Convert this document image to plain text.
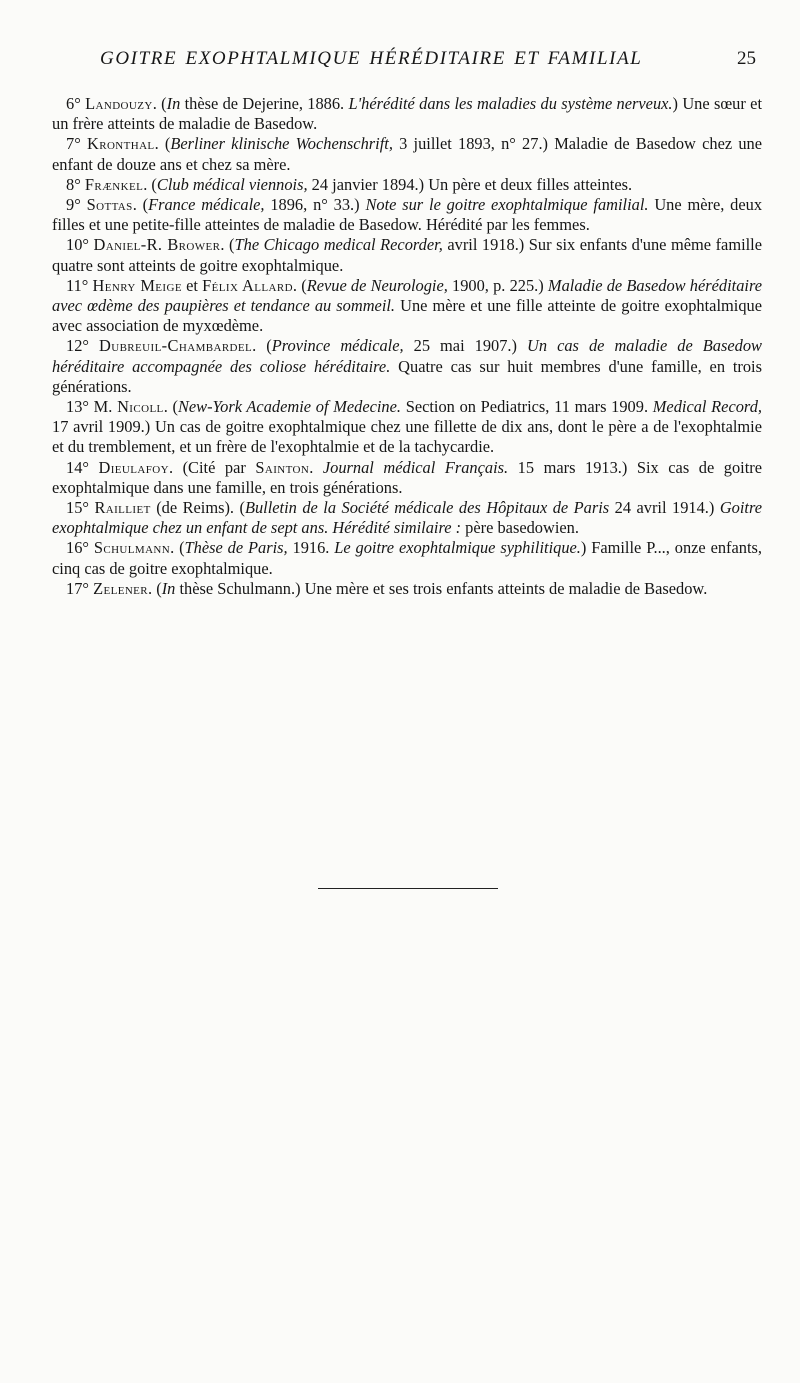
GOITRE EXOPHTALMIQUE HÉRÉDITAIRE ET FAMILIAL	25

6° Landouzy. (In thèse de Dejerine, 1886. L'hérédité dans les maladies du système nerveux.) Une sœur et un frère atteints de maladie de Basedow.

7° Kronthal. (Berliner klinische Wochenschrift, 3 juillet 1893, n° 27.) Maladie de Basedow chez une enfant de douze ans et chez sa mère.

8° Frænkel. (Club médical viennois, 24 janvier 1894.) Un père et deux filles atteintes.

9° Sottas. (France médicale, 1896, n° 33.) Note sur le goitre exophtalmique familial. Une mère, deux filles et une petite-fille atteintes de maladie de Basedow. Hérédité par les femmes.

10° Daniel-R. Brower. (The Chicago medical Recorder, avril 1918.) Sur six enfants d'une même famille quatre sont atteints de goitre exophtalmique.

11° Henry Meige et Félix Allard. (Revue de Neurologie, 1900, p. 225.) Maladie de Basedow héréditaire avec œdème des paupières et tendance au sommeil. Une mère et une fille atteinte de goitre exophtalmique avec association de myxœdème.

12° Dubreuil-Chambardel. (Province médicale, 25 mai 1907.) Un cas de maladie de Basedow héréditaire accompagnée des coliose héréditaire. Quatre cas sur huit membres d'une famille, en trois générations.

13° M. Nicoll. (New-York Academie of Medecine. Section on Pediatrics, 11 mars 1909. Medical Record, 17 avril 1909.) Un cas de goitre exophtalmique chez une fillette de dix ans, dont le père a de l'exophtalmie et du tremblement, et un frère de l'exophtalmie et de la tachycardie.

14° Dieulafoy. (Cité par Sainton. Journal médical Français. 15 mars 1913.) Six cas de goitre exophtalmique dans une famille, en trois générations.

15° Railliet (de Reims). (Bulletin de la Société médicale des Hôpitaux de Paris 24 avril 1914.) Goitre exophtalmique chez un enfant de sept ans. Hérédité similaire : père basedowien.

16° Schulmann. (Thèse de Paris, 1916. Le goitre exophtalmique syphilitique.) Famille P..., onze enfants, cinq cas de goitre exophtalmique.

17° Zelener. (In thèse Schulmann.) Une mère et ses trois enfants atteints de maladie de Basedow.
